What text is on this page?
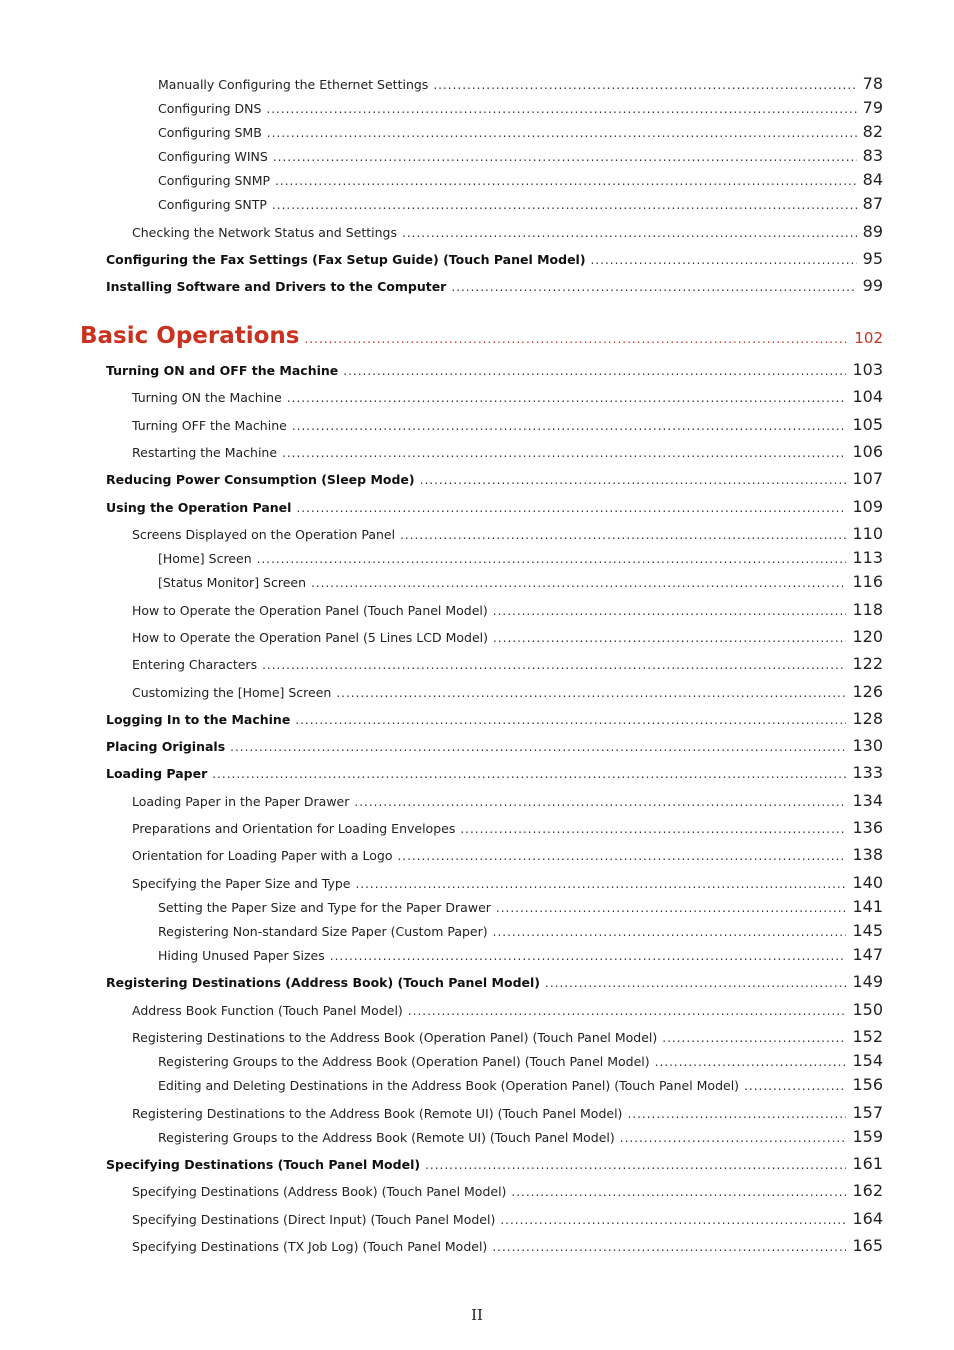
Manually Configuring the Ethernet Settings .....	78
Configuring DNS .....	79
Configuring SMB .....	82
Configuring WINS .....	83
Configuring SNMP .....	84
Configuring SNTP .....	87
Checking the Network Status and Settings .....	89
Configuring the Fax Settings (Fax Setup Guide) (Touch Panel Model) .....	95
Installing Software and Drivers to the Computer .....	99
Basic Operations .....	102
Turning ON and OFF the Machine .....	103
Turning ON the Machine .....	104
Turning OFF the Machine .....	105
Restarting the Machine .....	106
Reducing Power Consumption (Sleep Mode) .....	107
Using the Operation Panel .....	109
Screens Displayed on the Operation Panel .....	110
[Home] Screen .....	113
[Status Monitor] Screen .....	116
How to Operate the Operation Panel (Touch Panel Model) .....	118
How to Operate the Operation Panel (5 Lines LCD Model) .....	120
Entering Characters .....	122
Customizing the [Home] Screen .....	126
Logging In to the Machine .....	128
Placing Originals .....	130
Loading Paper .....	133
Loading Paper in the Paper Drawer .....	134
Preparations and Orientation for Loading Envelopes .....	136
Orientation for Loading Paper with a Logo .....	138
Specifying the Paper Size and Type .....	140
Setting the Paper Size and Type for the Paper Drawer .....	141
Registering Non-standard Size Paper (Custom Paper) .....	145
Hiding Unused Paper Sizes .....	147
Registering Destinations (Address Book) (Touch Panel Model) .....	149
Address Book Function (Touch Panel Model) .....	150
Registering Destinations to the Address Book (Operation Panel) (Touch Panel Model) .....	152
Registering Groups to the Address Book (Operation Panel) (Touch Panel Model) .....	154
Editing and Deleting Destinations in the Address Book (Operation Panel) (Touch Panel Model) .....	156
Registering Destinations to the Address Book (Remote UI) (Touch Panel Model) .....	157
Registering Groups to the Address Book (Remote UI) (Touch Panel Model) .....	159
Specifying Destinations (Touch Panel Model) .....	161
Specifying Destinations (Address Book) (Touch Panel Model) .....	162
Specifying Destinations (Direct Input) (Touch Panel Model) .....	164
Specifying Destinations (TX Job Log) (Touch Panel Model) .....	165
II
